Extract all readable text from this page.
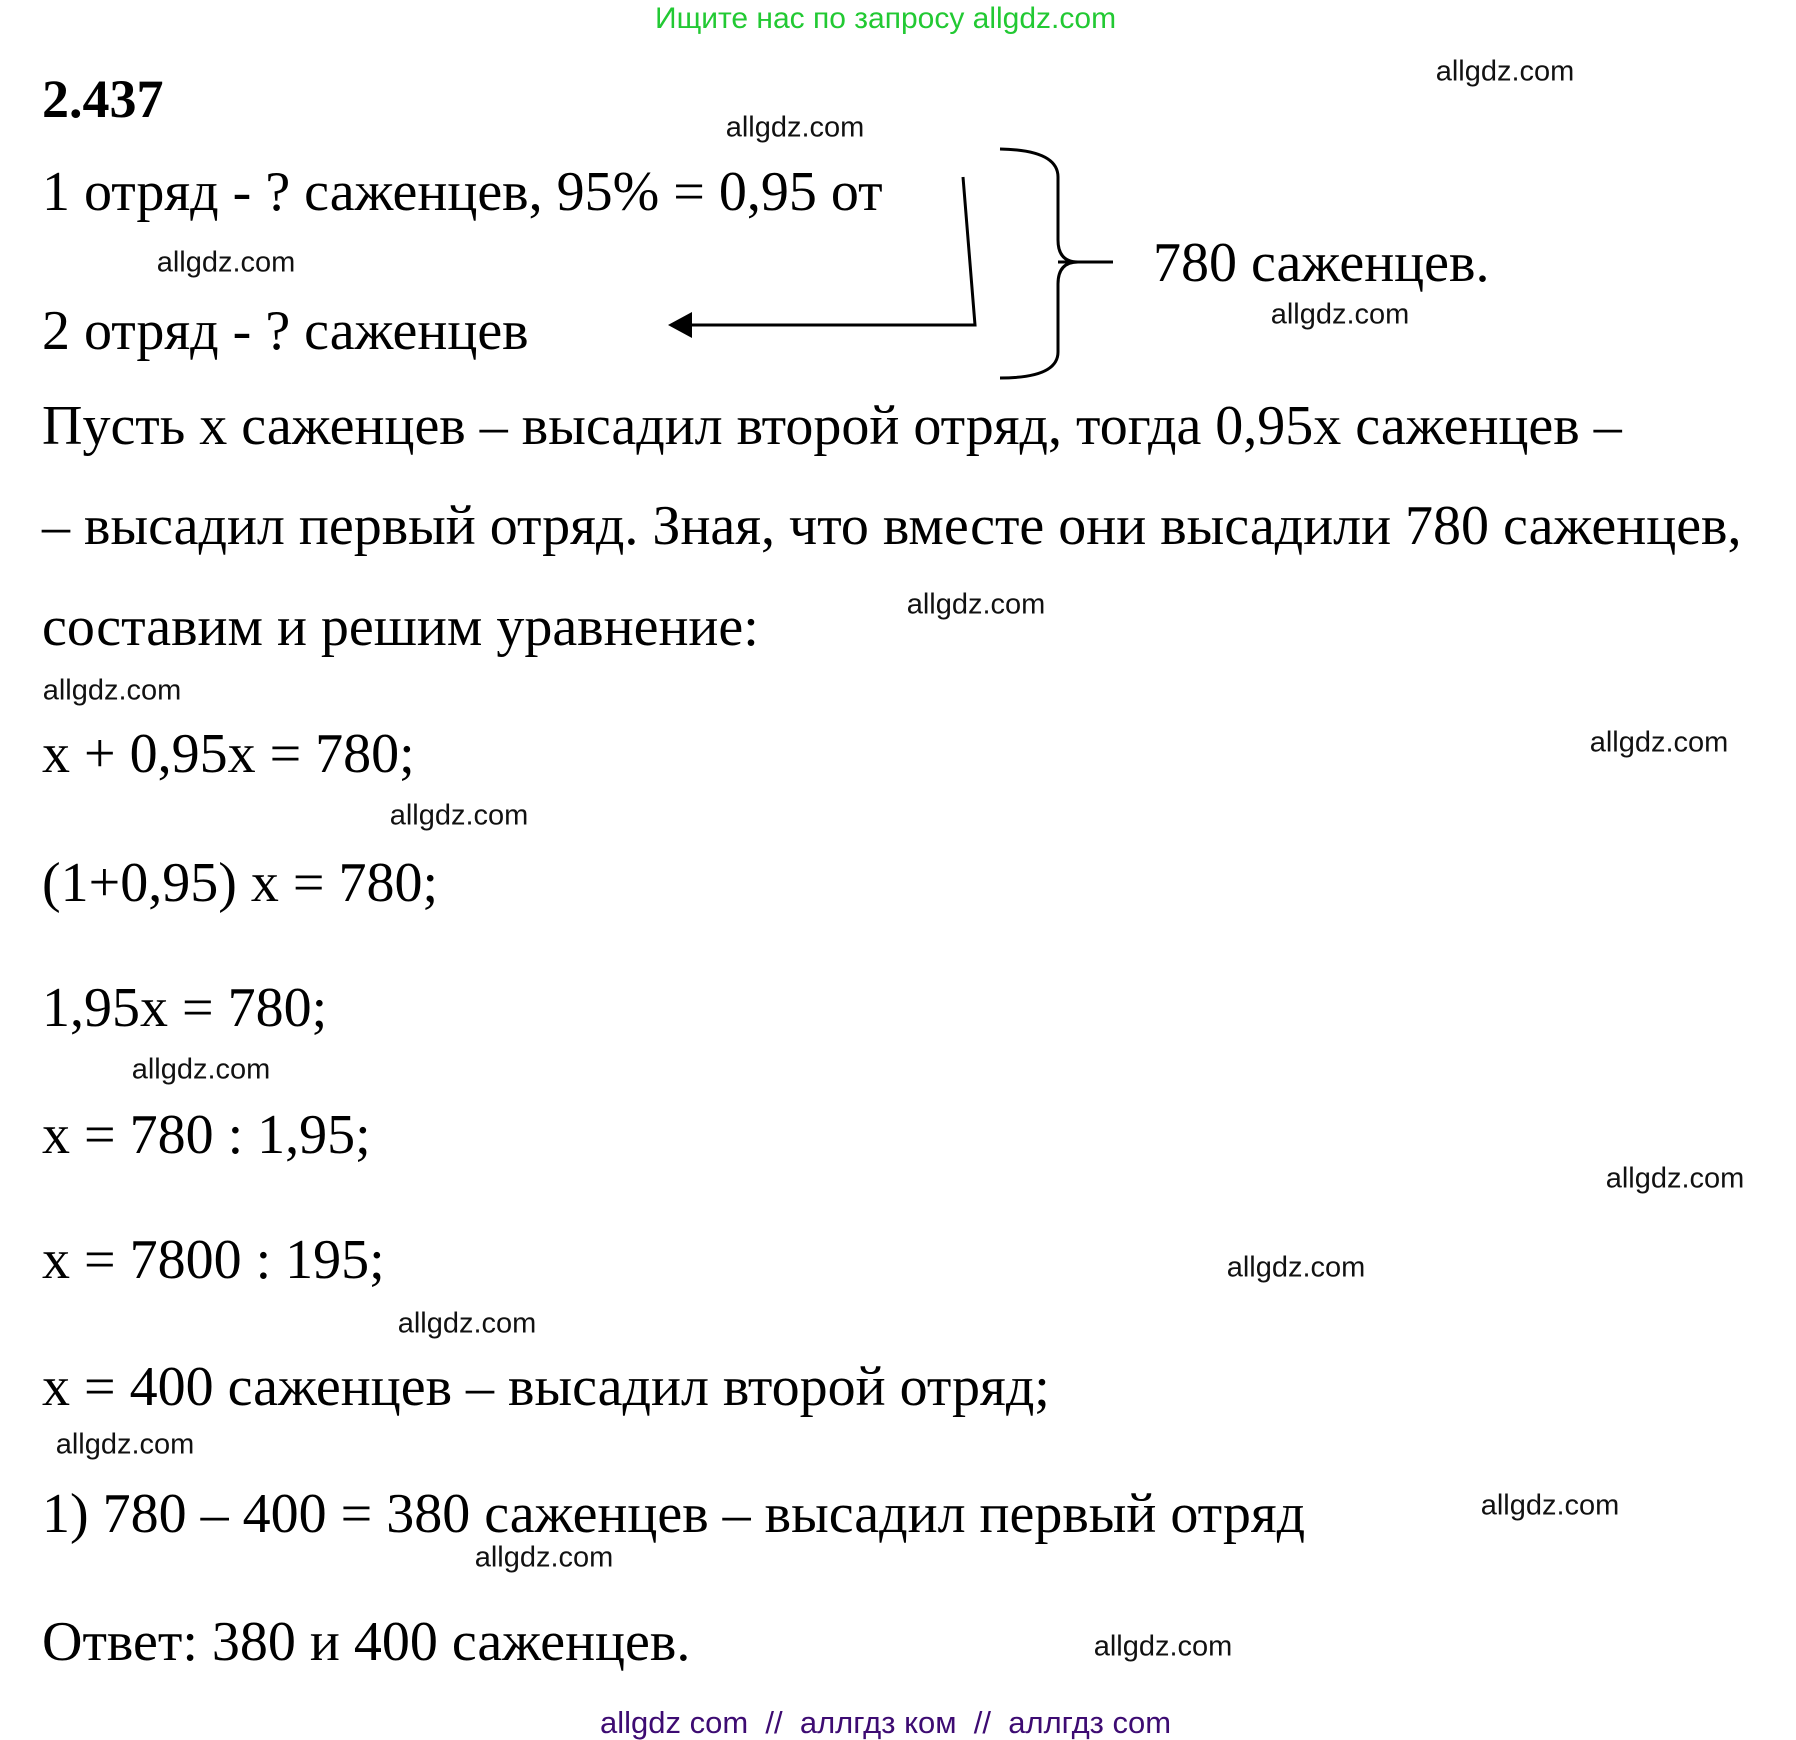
Ищите нас по запросу allgdz.com
2.437
1 отряд - ? саженцев, 95% = 0,95 от
2 отряд - ? саженцев
780 саженцев.
Пусть x саженцев – высадил второй отряд, тогда 0,95x саженцев –
– высадил первый отряд. Зная, что вместе они высадили 780 саженцев,
составим и решим уравнение:
x + 0,95x = 780;
(1+0,95) x = 780;
1,95x = 780;
x = 780 : 1,95;
x = 7800 : 195;
x = 400 саженцев – высадил второй отряд;
1) 780 – 400 = 380 саженцев – высадил первый отряд
Ответ: 380 и 400 саженцев.
allgdz.com
allgdz.com
allgdz.com
allgdz.com
allgdz.com
allgdz.com
allgdz.com
allgdz.com
allgdz.com
allgdz.com
allgdz.com
allgdz.com
allgdz.com
allgdz.com
allgdz.com
allgdz.com
allgdz com  //  аллгдз ком  //  аллгдз com
